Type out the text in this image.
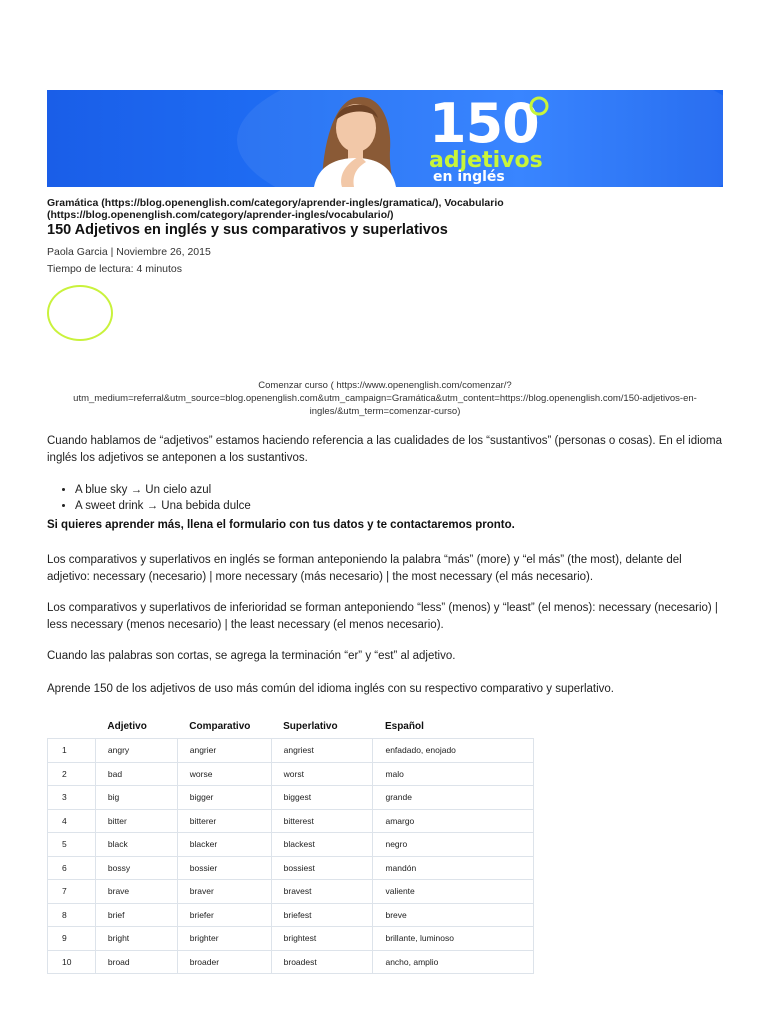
150
adjetivos
en inglés
Gramática (https://blog.openenglish.com/category/aprender-ingles/gramatica/), Vocabulario (https://blog.openenglish.com/category/aprender-ingles/vocabulario/)
150 Adjetivos en inglés y sus comparativos y superlativos
Paola Garcia | Noviembre 26, 2015
Tiempo de lectura: 4 minutos
Comenzar curso ( https://www.openenglish.com/comenzar/?utm_medium=referral&utm_source=blog.openenglish.com&utm_campaign=Gramática&utm_content=https://blog.openenglish.com/150-adjetivos-en-ingles/&utm_term=comenzar-curso)
Cuando hablamos de “adjetivos” estamos haciendo referencia a las cualidades de los “sustantivos” (personas o cosas). En el idioma inglés los adjetivos se anteponen a los sustantivos.
• A blue sky → Un cielo azul
• A sweet drink → Una bebida dulce
Si quieres aprender más, llena el formulario con tus datos y te contactaremos pronto.
Los comparativos y superlativos en inglés se forman anteponiendo la palabra “más” (more) y “el más” (the most), delante del adjetivo: necessary (necesario) | more necessary (más necesario) | the most necessary (el más necesario).
Los comparativos y superlativos de inferioridad se forman anteponiendo “less” (menos) y “least” (el menos): necessary (necesario) | less necessary (menos necesario) | the least necessary (el menos necesario).
Cuando las palabras son cortas, se agrega la terminación “er” y “est” al adjetivo.
Aprende 150 de los adjetivos de uso más común del idioma inglés con su respectivo comparativo y superlativo.
	Adjetivo	Comparativo	Superlativo	Español
1	angry	angrier	angriest	enfadado, enojado
2	bad	worse	worst	malo
3	big	bigger	biggest	grande
4	bitter	bitterer	bitterest	amargo
5	black	blacker	blackest	negro
6	bossy	bossier	bossiest	mandón
7	brave	braver	bravest	valiente
8	brief	briefer	briefest	breve
9	bright	brighter	brightest	brillante, luminoso
10	broad	broader	broadest	ancho, amplio
